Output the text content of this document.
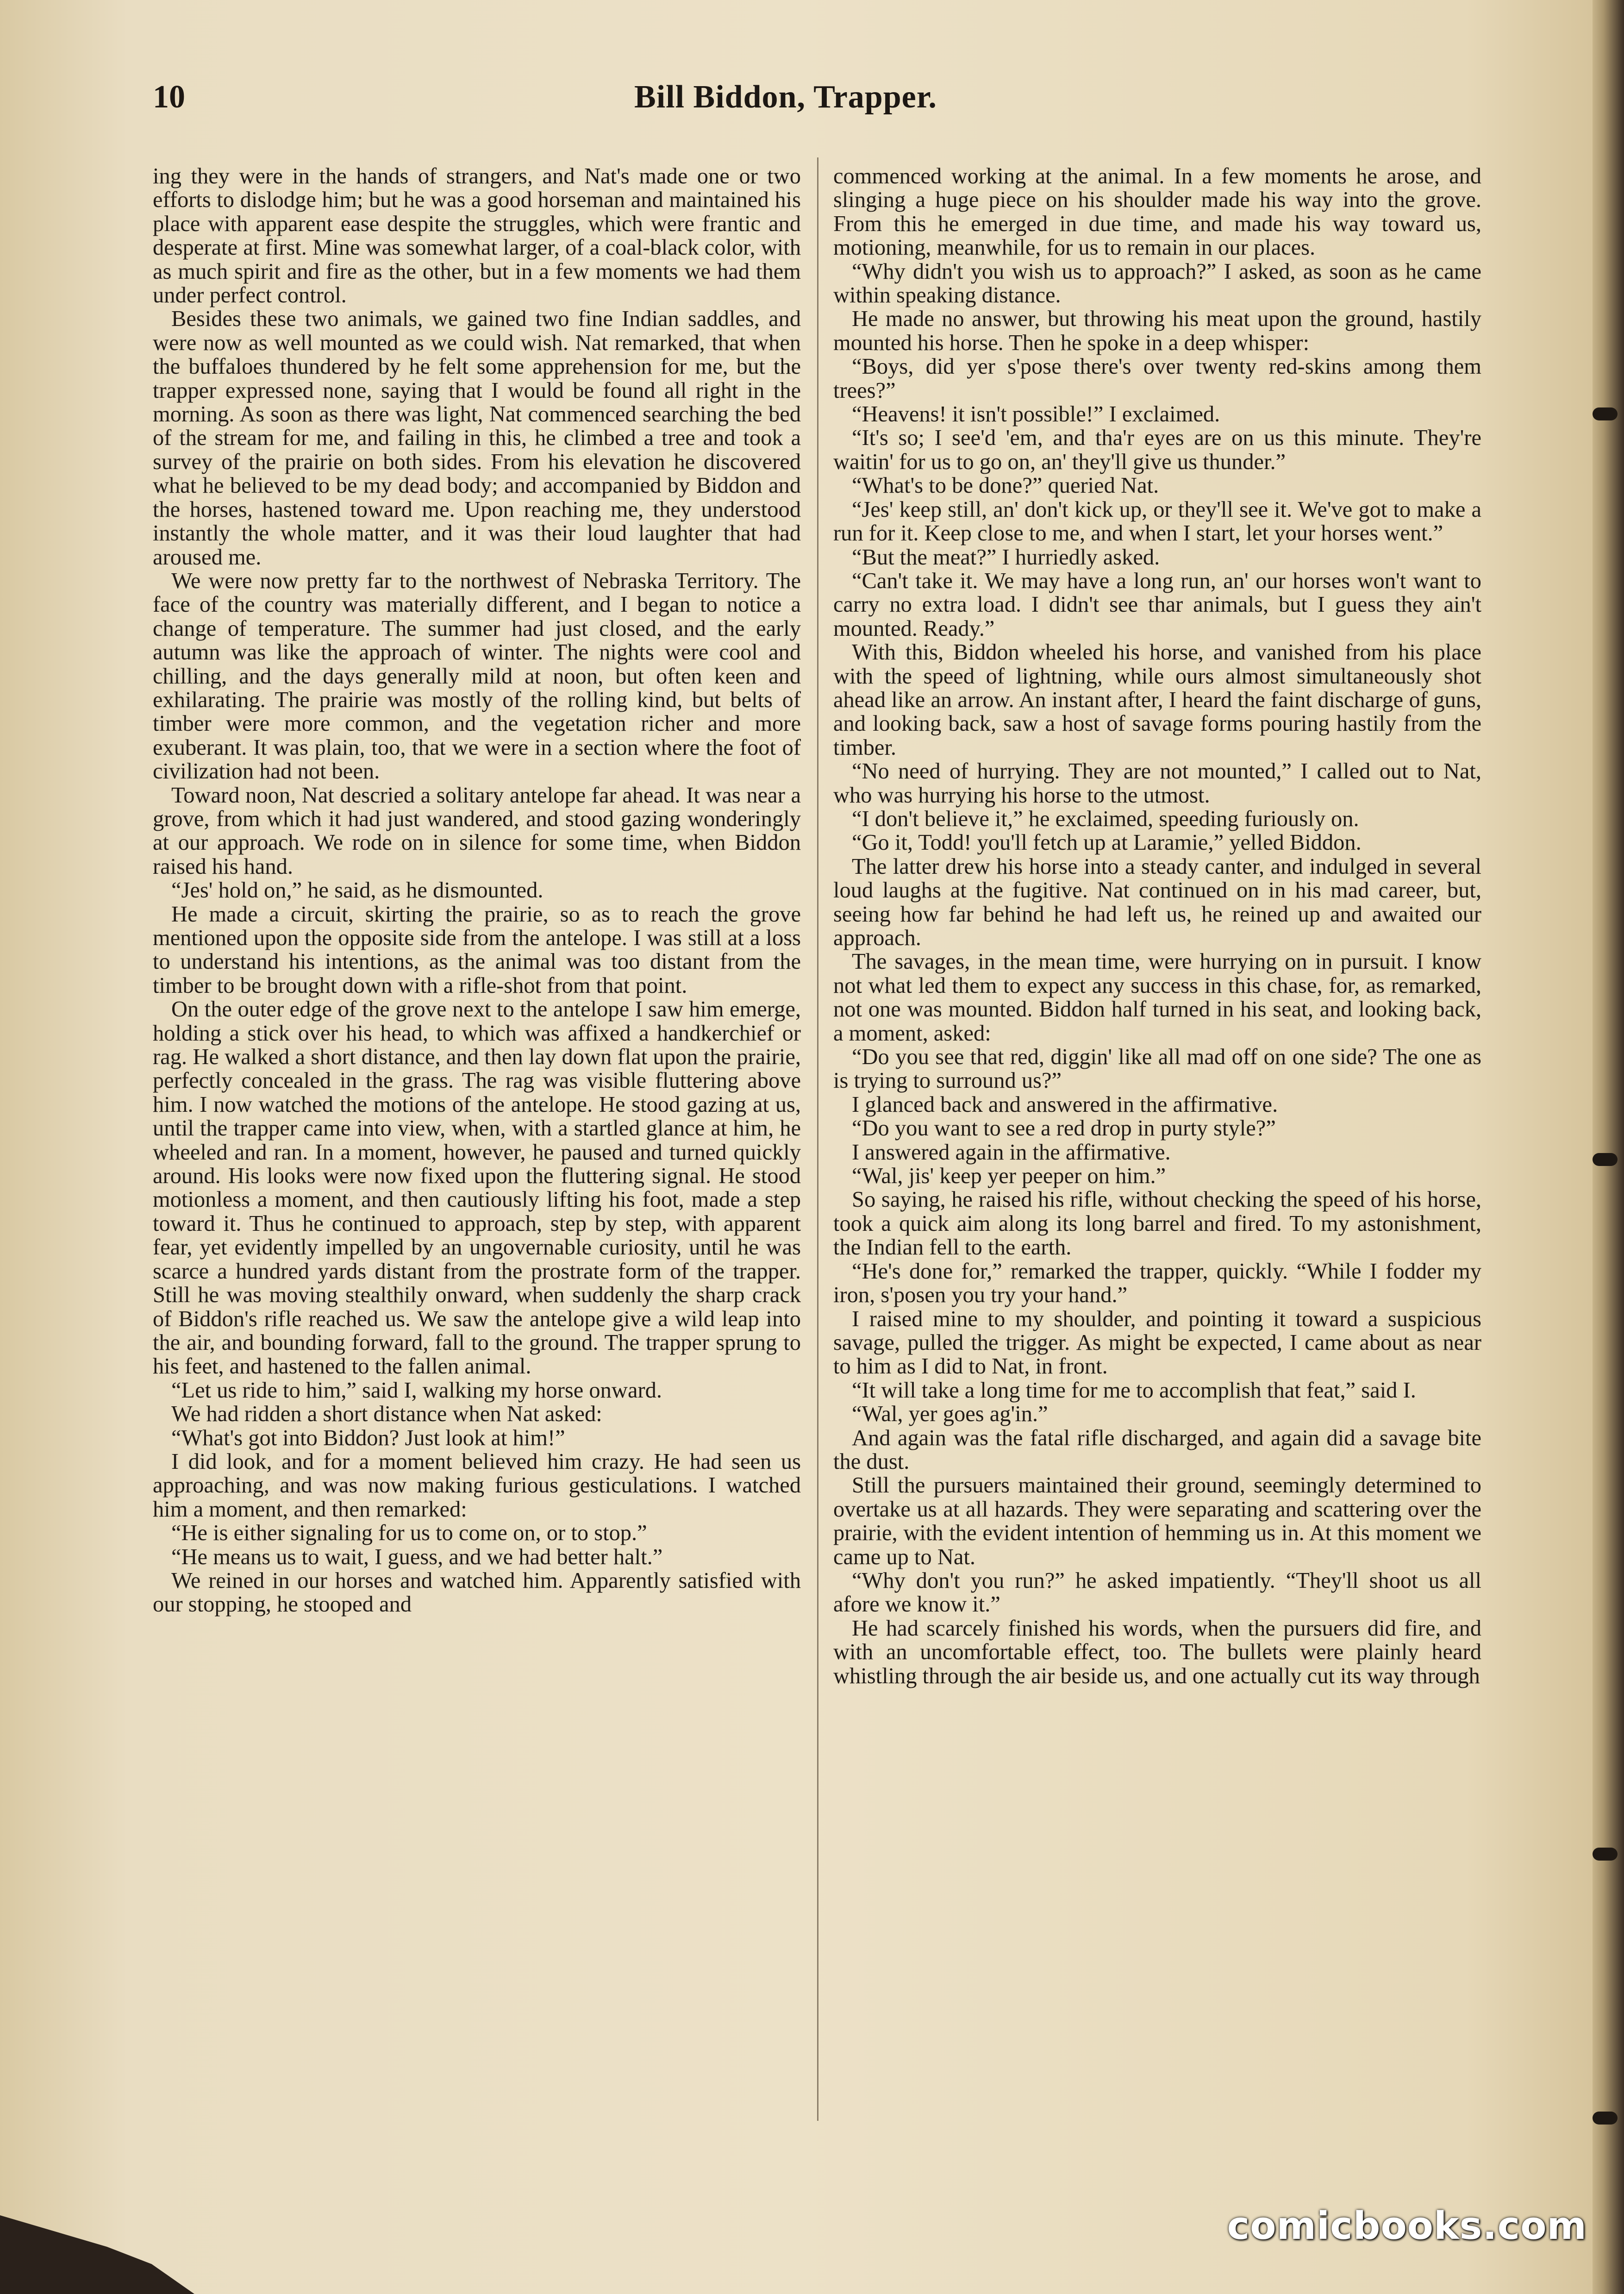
10	Bill Biddon, Trapper.

ing they were in the hands of strangers, and Nat's made one or two efforts to dislodge him; but he was a good horseman and maintained his place with apparent ease despite the struggles, which were frantic and desperate at first. Mine was somewhat larger, of a coal-black color, with as much spirit and fire as the other, but in a few moments we had them under perfect control.

Besides these two animals, we gained two fine Indian saddles, and were now as well mounted as we could wish. Nat remarked, that when the buffaloes thundered by he felt some apprehension for me, but the trapper expressed none, saying that I would be found all right in the morning. As soon as there was light, Nat commenced searching the bed of the stream for me, and failing in this, he climbed a tree and took a survey of the prairie on both sides. From his elevation he discovered what he believed to be my dead body; and accompanied by Biddon and the horses, hastened toward me. Upon reaching me, they understood instantly the whole matter, and it was their loud laughter that had aroused me.

We were now pretty far to the northwest of Nebraska Territory. The face of the country was materially different, and I began to notice a change of temperature. The summer had just closed, and the early autumn was like the approach of winter. The nights were cool and chilling, and the days generally mild at noon, but often keen and exhilarating. The prairie was mostly of the rolling kind, but belts of timber were more common, and the vegetation richer and more exuberant. It was plain, too, that we were in a section where the foot of civilization had not been.

Toward noon, Nat descried a solitary antelope far ahead. It was near a grove, from which it had just wandered, and stood gazing wonderingly at our approach. We rode on in silence for some time, when Biddon raised his hand.

“Jes' hold on,” he said, as he dismounted.

He made a circuit, skirting the prairie, so as to reach the grove mentioned upon the opposite side from the antelope. I was still at a loss to understand his intentions, as the animal was too distant from the timber to be brought down with a rifle-shot from that point.

On the outer edge of the grove next to the antelope I saw him emerge, holding a stick over his head, to which was affixed a handkerchief or rag. He walked a short distance, and then lay down flat upon the prairie, perfectly concealed in the grass. The rag was visible fluttering above him. I now watched the motions of the antelope. He stood gazing at us, until the trapper came into view, when, with a startled glance at him, he wheeled and ran. In a moment, however, he paused and turned quickly around. His looks were now fixed upon the fluttering signal. He stood motionless a moment, and then cautiously lifting his foot, made a step toward it. Thus he continued to approach, step by step, with apparent fear, yet evidently impelled by an ungovernable curiosity, until he was scarce a hundred yards distant from the prostrate form of the trapper. Still he was moving stealthily onward, when suddenly the sharp crack of Biddon's rifle reached us. We saw the antelope give a wild leap into the air, and bounding forward, fall to the ground. The trapper sprung to his feet, and hastened to the fallen animal.

“Let us ride to him,” said I, walking my horse onward.

We had ridden a short distance when Nat asked:

“What's got into Biddon? Just look at him!”

I did look, and for a moment believed him crazy. He had seen us approaching, and was now making furious gesticulations. I watched him a moment, and then remarked:

“He is either signaling for us to come on, or to stop.”

“He means us to wait, I guess, and we had better halt.”

We reined in our horses and watched him. Apparently satisfied with our stopping, he stooped and

commenced working at the animal. In a few moments he arose, and slinging a huge piece on his shoulder made his way into the grove. From this he emerged in due time, and made his way toward us, motioning, meanwhile, for us to remain in our places.

“Why didn't you wish us to approach?” I asked, as soon as he came within speaking distance.

He made no answer, but throwing his meat upon the ground, hastily mounted his horse. Then he spoke in a deep whisper:

“Boys, did yer s'pose there's over twenty red-skins among them trees?”

“Heavens! it isn't possible!” I exclaimed.

“It's so; I see'd 'em, and tha'r eyes are on us this minute. They're waitin' for us to go on, an' they'll give us thunder.”

“What's to be done?” queried Nat.

“Jes' keep still, an' don't kick up, or they'll see it. We've got to make a run for it. Keep close to me, and when I start, let your horses went.”

“But the meat?” I hurriedly asked.

“Can't take it. We may have a long run, an' our horses won't want to carry no extra load. I didn't see thar animals, but I guess they ain't mounted. Ready.”

With this, Biddon wheeled his horse, and vanished from his place with the speed of lightning, while ours almost simultaneously shot ahead like an arrow. An instant after, I heard the faint discharge of guns, and looking back, saw a host of savage forms pouring hastily from the timber.

“No need of hurrying. They are not mounted,” I called out to Nat, who was hurrying his horse to the utmost.

“I don't believe it,” he exclaimed, speeding furiously on.

“Go it, Todd! you'll fetch up at Laramie,” yelled Biddon.

The latter drew his horse into a steady canter, and indulged in several loud laughs at the fugitive. Nat continued on in his mad career, but, seeing how far behind he had left us, he reined up and awaited our approach.

The savages, in the mean time, were hurrying on in pursuit. I know not what led them to expect any success in this chase, for, as remarked, not one was mounted. Biddon half turned in his seat, and looking back, a moment, asked:

“Do you see that red, diggin' like all mad off on one side? The one as is trying to surround us?”

I glanced back and answered in the affirmative.

“Do you want to see a red drop in purty style?”

I answered again in the affirmative.

“Wal, jis' keep yer peeper on him.”

So saying, he raised his rifle, without checking the speed of his horse, took a quick aim along its long barrel and fired. To my astonishment, the Indian fell to the earth.

“He's done for,” remarked the trapper, quickly. “While I fodder my iron, s'posen you try your hand.”

I raised mine to my shoulder, and pointing it toward a suspicious savage, pulled the trigger. As might be expected, I came about as near to him as I did to Nat, in front.

“It will take a long time for me to accomplish that feat,” said I.

“Wal, yer goes ag'in.”

And again was the fatal rifle discharged, and again did a savage bite the dust.

Still the pursuers maintained their ground, seemingly determined to overtake us at all hazards. They were separating and scattering over the prairie, with the evident intention of hemming us in. At this moment we came up to Nat.

“Why don't you run?” he asked impatiently. “They'll shoot us all afore we know it.”

He had scarcely finished his words, when the pursuers did fire, and with an uncomfortable effect, too. The bullets were plainly heard whistling through the air beside us, and one actually cut its way through

comicbooks.com
